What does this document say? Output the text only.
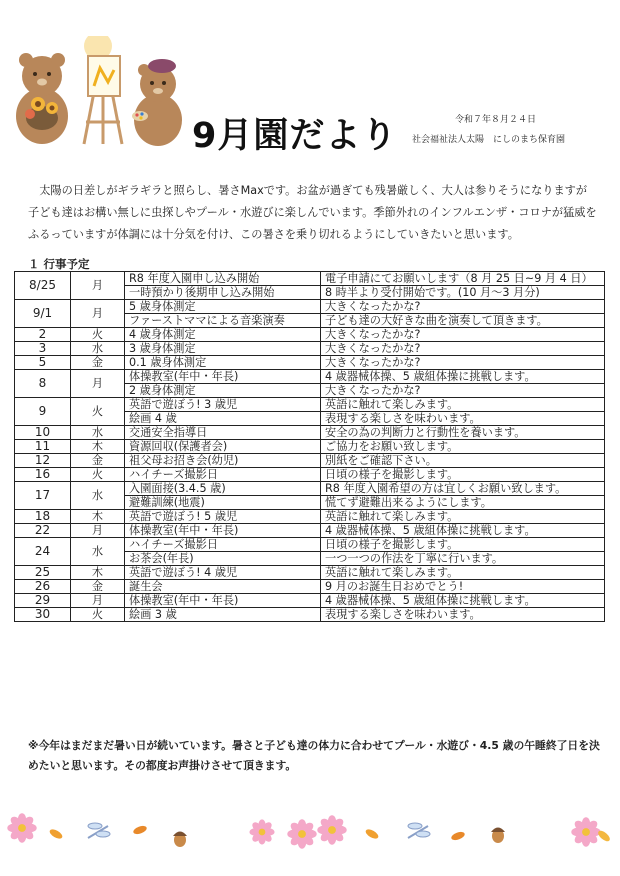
9月園だより	令和７年８月２４日
社会福祉法人太陽　にしのまち保育園

太陽の日差しがギラギラと照らし、暑さMaxです。お盆が過ぎても残暑厳しく、大人は参りそうになりますが子ども達はお構い無しに虫探しやプール・水遊びに楽しんでいます。季節外れのインフルエンザ・コロナが猛威をふるっていますが体調には十分気を付け、この暑さを乗り切れるようにしていきたいと思います。

１ 行事予定
8/25	月	R8 年度入園申し込み開始	電子申請にてお願いします（8 月 25 日~9 月 4 日）
		一時預かり後期申し込み開始	8 時半より受付開始です。(10 月～3 月分)
9/1	月	5 歳身体測定	大きくなったかな?
		ファーストママによる音楽演奏	子ども達の大好きな曲を演奏して頂きます。
2	火	4 歳身体測定	大きくなったかな?
3	水	3 歳身体測定	大きくなったかな?
5	金	0.1 歳身体測定	大きくなったかな?
8	月	体操教室(年中・年長)	4 歳器械体操、5 歳組体操に挑戦します。
		2 歳身体測定	大きくなったかな?
9	火	英語で遊ぼう! 3 歳児	英語に触れて楽しみます。
		絵画 4 歳	表現する楽しさを味わいます。
10	水	交通安全指導日	安全の為の判断力と行動性を養います。
11	木	資源回収(保護者会)	ご協力をお願い致します。
12	金	祖父母お招き会(幼児)	別紙をご確認下さい。
16	火	ハイチーズ撮影日	日頃の様子を撮影します。
17	水	入園面接(3.4.5 歳)	R8 年度入園希望の方は宜しくお願い致します。
		避難訓練(地震)	慌てず避難出来るようにします。
18	木	英語で遊ぼう! 5 歳児	英語に触れて楽しみます。
22	月	体操教室(年中・年長)	4 歳器械体操、5 歳組体操に挑戦します。
24	水	ハイチーズ撮影日	日頃の様子を撮影します。
		お茶会(年長)	一つ一つの作法を丁寧に行います。
25	木	英語で遊ぼう! 4 歳児	英語に触れて楽しみます。
26	金	誕生会	9 月のお誕生日おめでとう!
29	月	体操教室(年中・年長)	4 歳器械体操、5 歳組体操に挑戦します。
30	火	絵画 3 歳	表現する楽しさを味わいます。

※今年はまだまだ暑い日が続いています。暑さと子ども達の体力に合わせてプール・水遊び・4.5 歳の午睡終了日を決めたいと思います。その都度お声掛けさせて頂きます。
